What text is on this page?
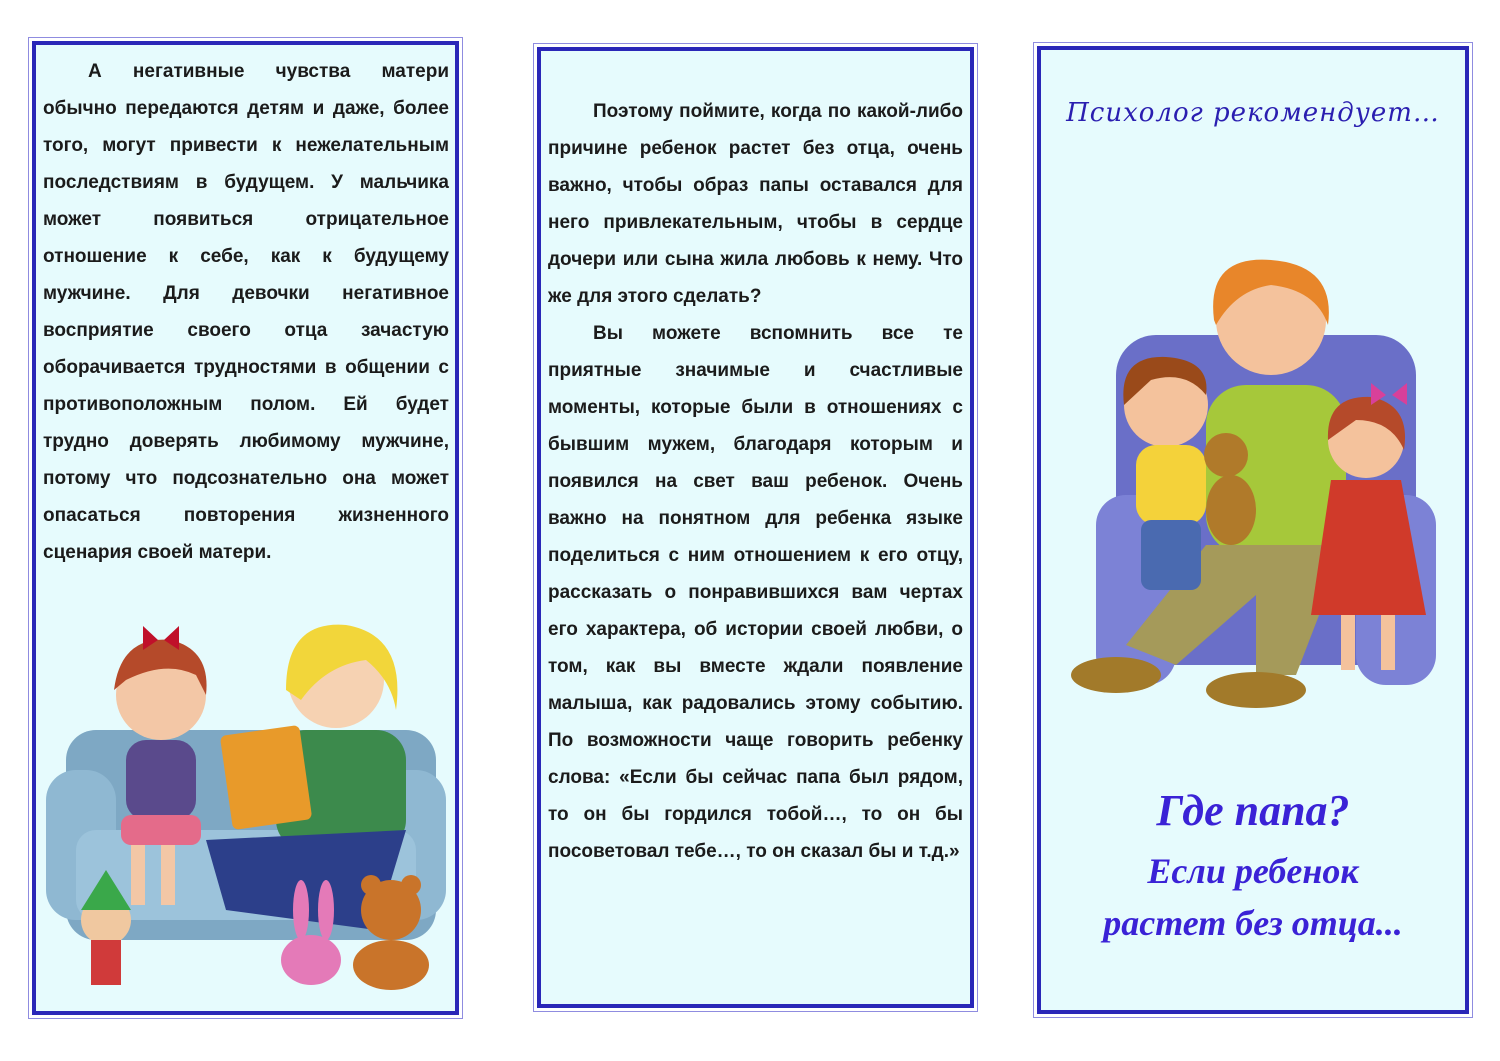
А негативные чувства матери обычно передаются детям и даже, более того, могут привести к нежелательным последствиям в будущем. У мальчика может появиться отрицательное отношение к себе, как к будущему мужчине. Для девочки негативное восприятие своего отца зачастую оборачивается трудностями в общении с противоположным полом. Ей будет трудно доверять любимому мужчине, потому что подсознательно она может опасаться повторения жизненного сценария своей матери.

Поэтому поймите, когда по какой-либо причине ребенок растет без отца, очень важно, чтобы образ папы оставался для него привлекательным, чтобы в сердце дочери или сына жила любовь к нему. Что же для этого сделать?

Вы можете вспомнить все те приятные значимые и счастливые моменты, которые были в отношениях с бывшим мужем, благодаря которым и появился на свет ваш ребенок. Очень важно на понятном для ребенка языке поделиться с ним отношением к его отцу, рассказать о понравившихся вам чертах его характера, об истории своей любви, о том, как вы вместе ждали появление малыша, как радовались этому событию. По возможности чаще говорить ребенку слова: «Если бы сейчас папа был рядом, то он бы гордился тобой…, то он бы посоветовал тебе…, то он сказал бы и т.д.»

Психолог рекомендует…
Где папа?
Если ребенок
растет без отца...
